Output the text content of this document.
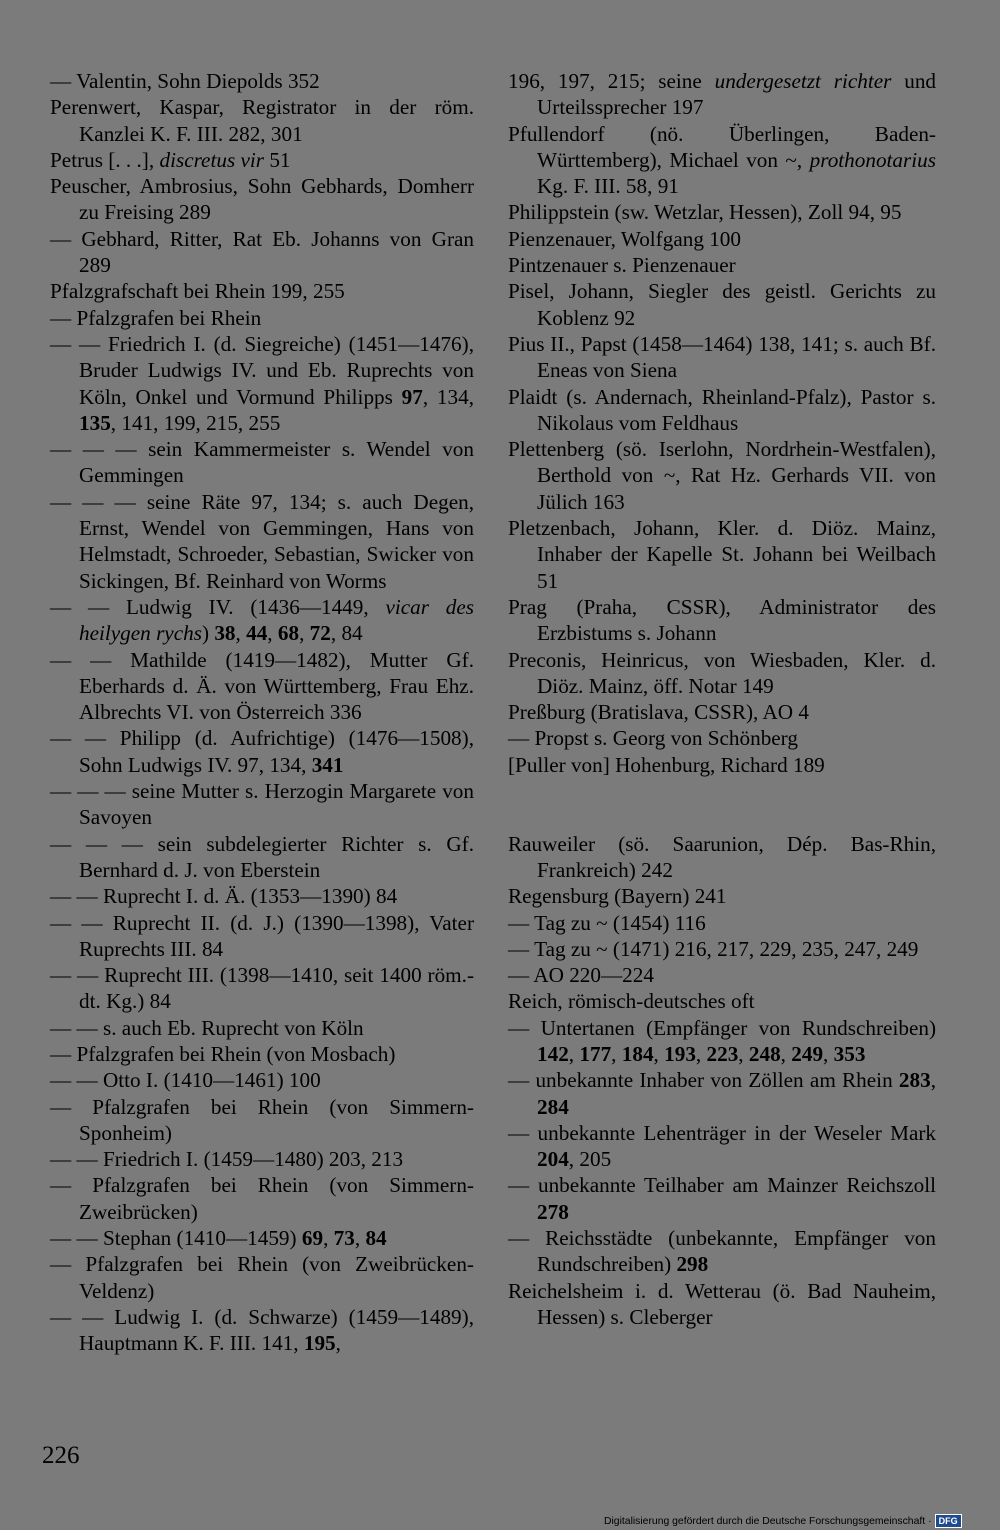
— Valentin, Sohn Diepolds 352
Perenwert, Kaspar, Registrator in der röm. Kanzlei K. F. III. 282, 301
Petrus [. . .], discretus vir 51
Peuscher, Ambrosius, Sohn Gebhards, Domherr zu Freising 289
— Gebhard, Ritter, Rat Eb. Johanns von Gran 289
Pfalzgrafschaft bei Rhein 199, 255
— Pfalzgrafen bei Rhein
— — Friedrich I. (d. Siegreiche) (1451—1476), Bruder Ludwigs IV. und Eb. Ruprechts von Köln, Onkel und Vormund Philipps 97, 134, 135, 141, 199, 215, 255
— — — sein Kammermeister s. Wendel von Gemmingen
— — — seine Räte 97, 134; s. auch Degen, Ernst, Wendel von Gemmingen, Hans von Helmstadt, Schroeder, Sebastian, Swicker von Sickingen, Bf. Reinhard von Worms
— — Ludwig IV. (1436—1449, vicar des heilygen rychs) 38, 44, 68, 72, 84
— — Mathilde (1419—1482), Mutter Gf. Eberhards d. Ä. von Württemberg, Frau Ehz. Albrechts VI. von Österreich 336
— — Philipp (d. Aufrichtige) (1476—1508), Sohn Ludwigs IV. 97, 134, 341
— — — seine Mutter s. Herzogin Margarete von Savoyen
— — — sein subdelegierter Richter s. Gf. Bernhard d. J. von Eberstein
— — Ruprecht I. d. Ä. (1353—1390) 84
— — Ruprecht II. (d. J.) (1390—1398), Vater Ruprechts III. 84
— — Ruprecht III. (1398—1410, seit 1400 röm.-dt. Kg.) 84
— — s. auch Eb. Ruprecht von Köln
— Pfalzgrafen bei Rhein (von Mosbach)
— — Otto I. (1410—1461) 100
— Pfalzgrafen bei Rhein (von Simmern-Sponheim)
— — Friedrich I. (1459—1480) 203, 213
— Pfalzgrafen bei Rhein (von Simmern-Zweibrücken)
— — Stephan (1410—1459) 69, 73, 84
— Pfalzgrafen bei Rhein (von Zweibrücken-Veldenz)
— — Ludwig I. (d. Schwarze) (1459—1489), Hauptmann K. F. III. 141, 195,
196, 197, 215; seine undergesetzt richter und Urteilssprecher 197
Pfullendorf (nö. Überlingen, Baden-Württemberg), Michael von ~, prothonotarius Kg. F. III. 58, 91
Philippstein (sw. Wetzlar, Hessen), Zoll 94, 95
Pienzenauer, Wolfgang 100
Pintzenauer s. Pienzenauer
Pisel, Johann, Siegler des geistl. Gerichts zu Koblenz 92
Pius II., Papst (1458—1464) 138, 141; s. auch Bf. Eneas von Siena
Plaidt (s. Andernach, Rheinland-Pfalz), Pastor s. Nikolaus vom Feldhaus
Plettenberg (sö. Iserlohn, Nordrhein-Westfalen), Berthold von ~, Rat Hz. Gerhards VII. von Jülich 163
Pletzenbach, Johann, Kler. d. Diöz. Mainz, Inhaber der Kapelle St. Johann bei Weilbach 51
Prag (Praha, CSSR), Administrator des Erzbistums s. Johann
Preconis, Heinricus, von Wiesbaden, Kler. d. Diöz. Mainz, öff. Notar 149
Preßburg (Bratislava, CSSR), AO 4
— Propst s. Georg von Schönberg
[Puller von] Hohenburg, Richard 189
Rauweiler (sö. Saarunion, Dép. Bas-Rhin, Frankreich) 242
Regensburg (Bayern) 241
— Tag zu ~ (1454) 116
— Tag zu ~ (1471) 216, 217, 229, 235, 247, 249
— AO 220—224
Reich, römisch-deutsches oft
— Untertanen (Empfänger von Rundschreiben) 142, 177, 184, 193, 223, 248, 249, 353
— unbekannte Inhaber von Zöllen am Rhein 283, 284
— unbekannte Lehenträger in der Weseler Mark 204, 205
— unbekannte Teilhaber am Mainzer Reichszoll 278
— Reichsstädte (unbekannte, Empfänger von Rundschreiben) 298
Reichelsheim i. d. Wetterau (ö. Bad Nauheim, Hessen) s. Cleberger
226
Digitalisierung gefördert durch die Deutsche Forschungsgemeinschaft · DFG
